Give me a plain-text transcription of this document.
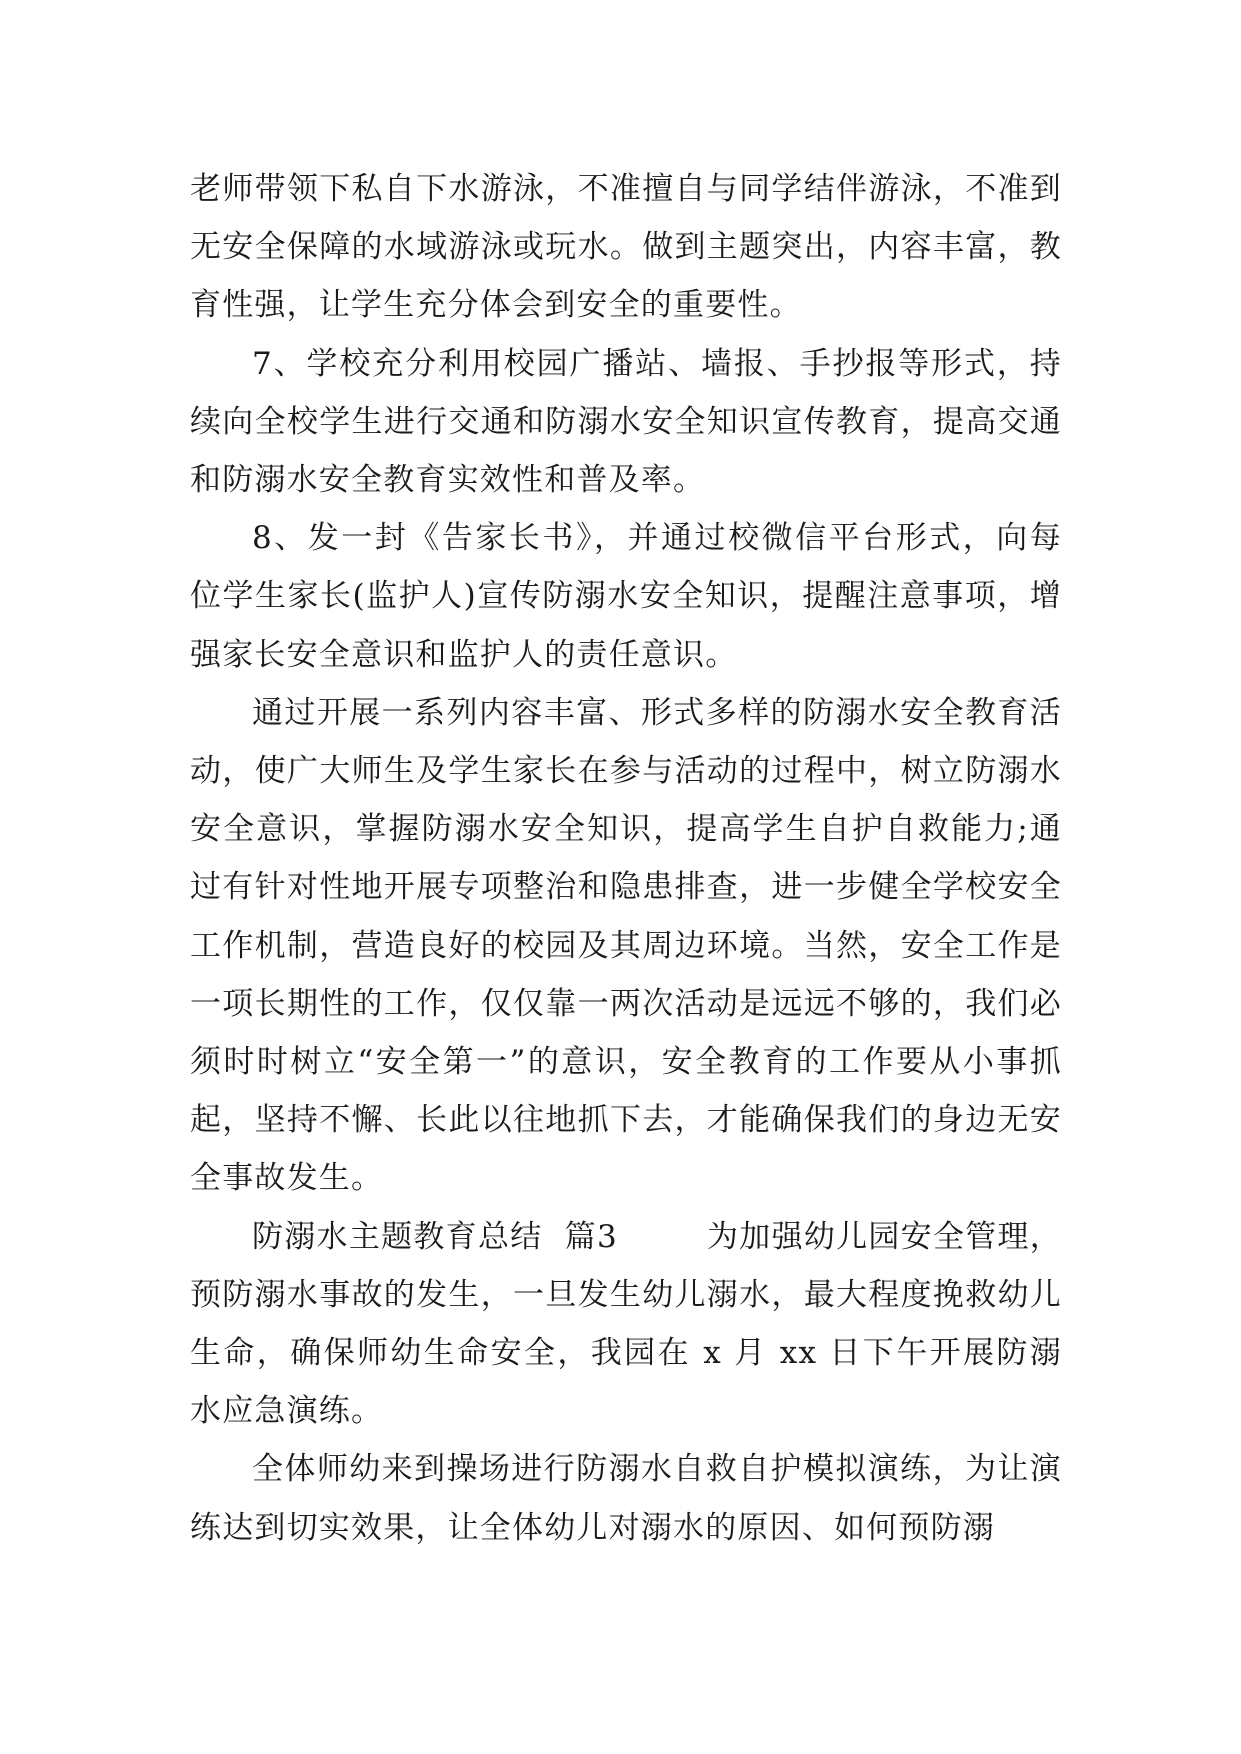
老师带领下私自下水游泳，不准擅自与同学结伴游泳，不准到无安全保障的水域游泳或玩水。做到主题突出，内容丰富，教育性强，让学生充分体会到安全的重要性。

7、学校充分利用校园广播站、墙报、手抄报等形式，持续向全校学生进行交通和防溺水安全知识宣传教育，提高交通和防溺水安全教育实效性和普及率。

8、发一封《告家长书》，并通过校微信平台形式，向每位学生家长(监护人)宣传防溺水安全知识，提醒注意事项，增强家长安全意识和监护人的责任意识。

通过开展一系列内容丰富、形式多样的防溺水安全教育活动，使广大师生及学生家长在参与活动的过程中，树立防溺水安全意识，掌握防溺水安全知识，提高学生自护自救能力;通过有针对性地开展专项整治和隐患排查，进一步健全学校安全工作机制，营造良好的校园及其周边环境。当然，安全工作是一项长期性的工作，仅仅靠一两次活动是远远不够的，我们必须时时树立“安全第一”的意识，安全教育的工作要从小事抓起，坚持不懈、长此以往地抓下去，才能确保我们的身边无安全事故发生。

防溺水主题教育总结  篇3        为加强幼儿园安全管理，预防溺水事故的发生，一旦发生幼儿溺水，最大程度挽救幼儿生命，确保师幼生命安全，我园在 x 月 xx 日下午开展防溺水应急演练。

全体师幼来到操场进行防溺水自救自护模拟演练，为让演练达到切实效果，让全体幼儿对溺水的原因、如何预防溺
